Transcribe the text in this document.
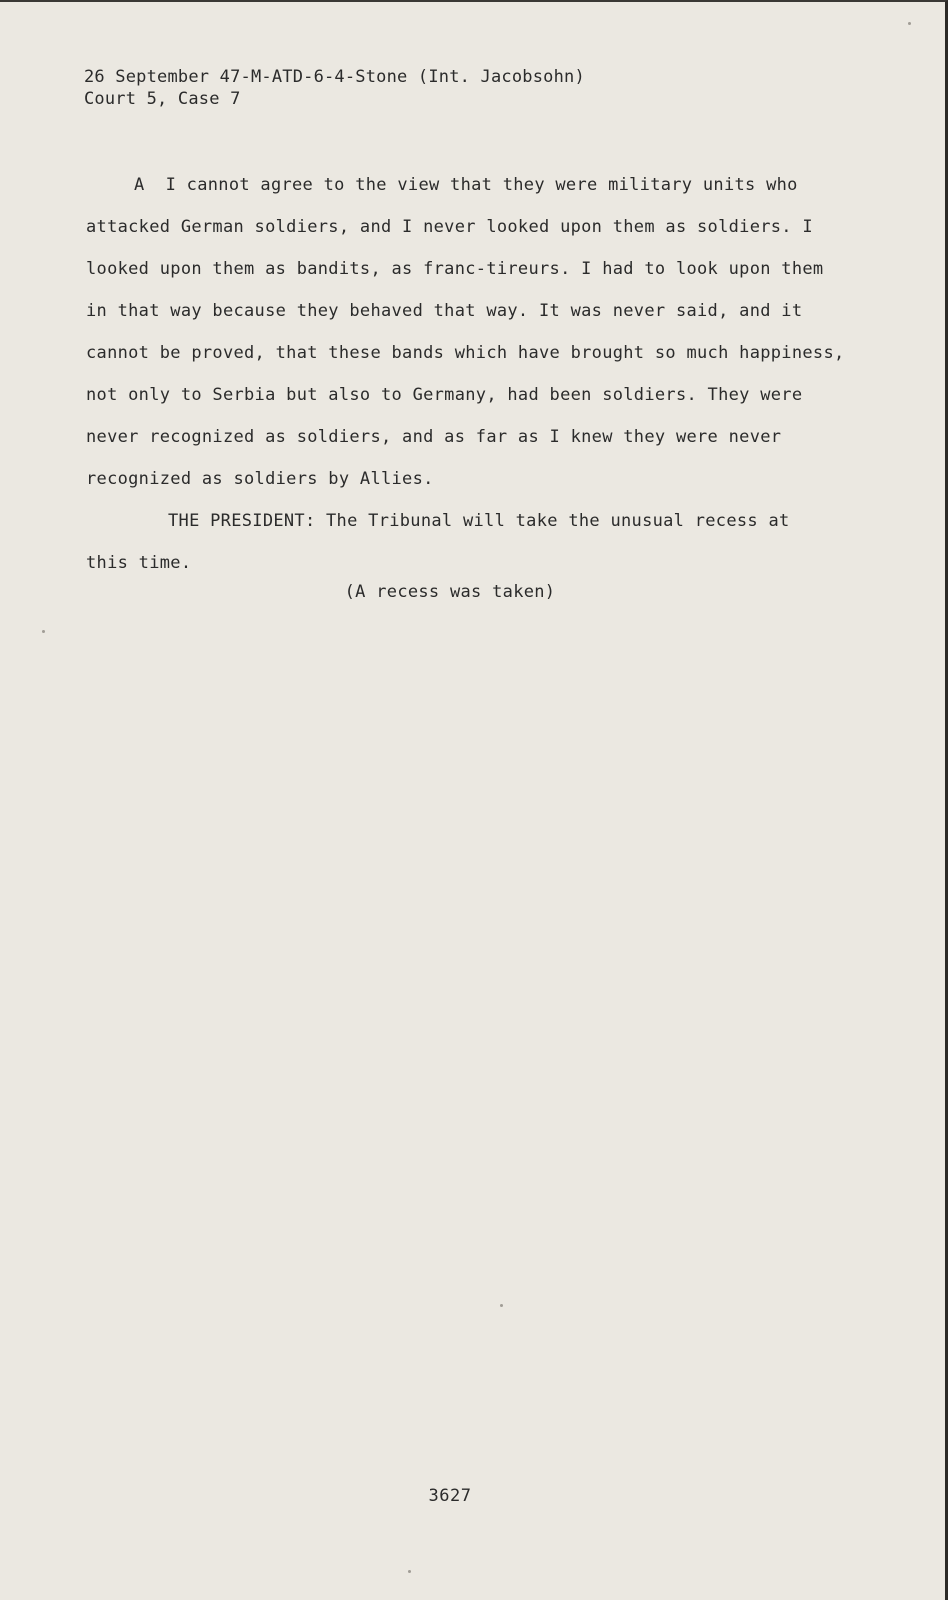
26 September 47-M-ATD-6-4-Stone (Int. Jacobsohn)
Court 5, Case 7
A  I cannot agree to the view that they were military units who
attacked German soldiers, and I never looked upon them as soldiers. I
looked upon them as bandits, as franc-tireurs. I had to look upon them
in that way because they behaved that way. It was never said, and it
cannot be proved, that these bands which have brought so much happiness,
not only to Serbia but also to Germany, had been soldiers. They were
never recognized as soldiers, and as far as I knew they were never
recognized as soldiers by Allies.
THE PRESIDENT: The Tribunal will take the unusual recess at
this time.
(A recess was taken)
3627
